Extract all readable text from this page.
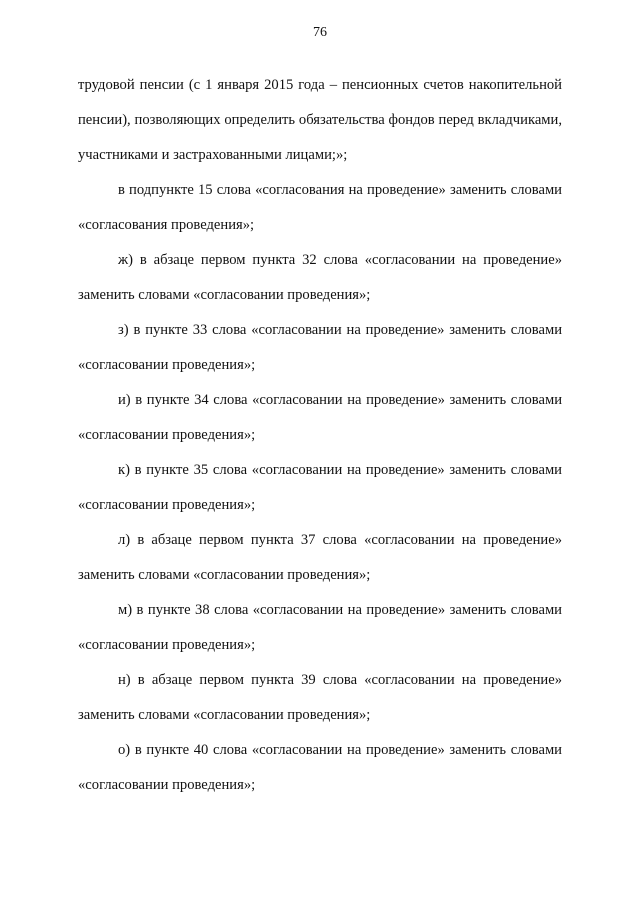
76

трудовой пенсии (с 1 января 2015 года – пенсионных счетов накопительной пенсии), позволяющих определить обязательства фондов перед вкладчиками, участниками и застрахованными лицами;»;

в подпункте 15 слова «согласования на проведение» заменить словами «согласования проведения»;

ж) в абзаце первом пункта 32 слова «согласовании на проведение» заменить словами «согласовании проведения»;

з) в пункте 33 слова «согласовании на проведение» заменить словами «согласовании проведения»;

и) в пункте 34 слова «согласовании на проведение» заменить словами «согласовании проведения»;

к) в пункте 35 слова «согласовании на проведение» заменить словами «согласовании проведения»;

л) в абзаце первом пункта 37 слова «согласовании на проведение» заменить словами «согласовании проведения»;

м) в пункте 38 слова «согласовании на проведение» заменить словами «согласовании проведения»;

н) в абзаце первом пункта 39 слова «согласовании на проведение» заменить словами «согласовании проведения»;

о) в пункте 40 слова «согласовании на проведение» заменить словами «согласовании проведения»;
